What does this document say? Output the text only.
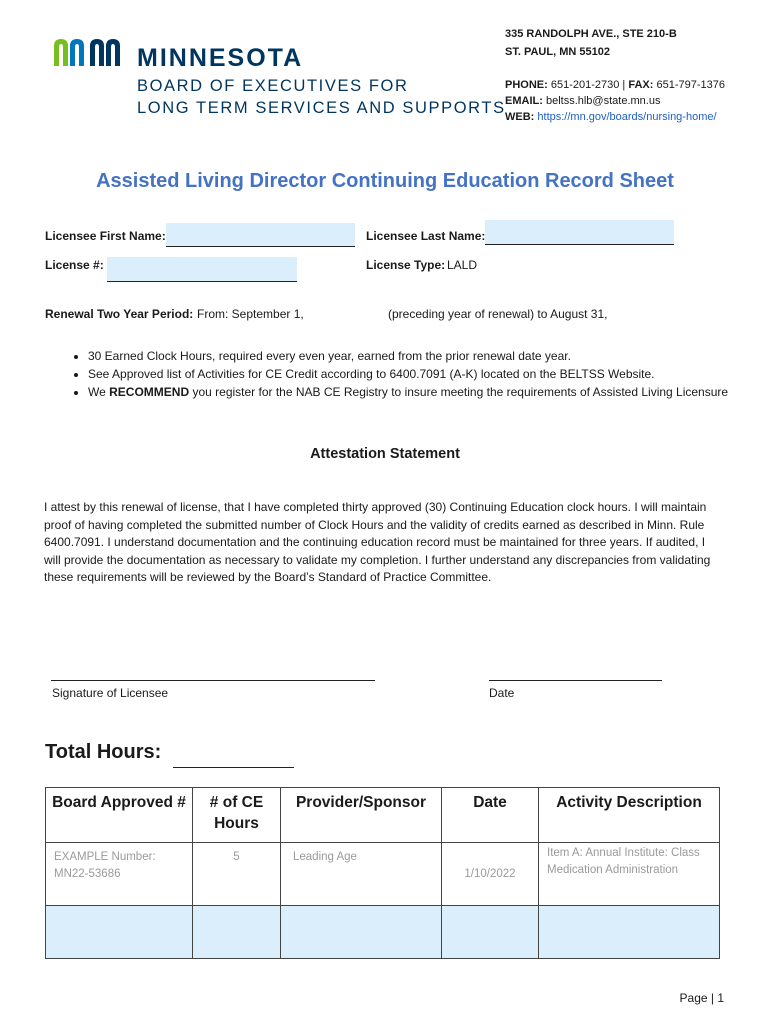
MINNESOTA
BOARD OF EXECUTIVES FOR
LONG TERM SERVICES AND SUPPORTS
335 RANDOLPH AVE., STE 210-B
ST. PAUL, MN 55102
PHONE: 651-201-2730 | FAX: 651-797-1376
EMAIL: beltss.hlb@state.mn.us
WEB: https://mn.gov/boards/nursing-home/
Assisted Living Director Continuing Education Record Sheet
Licensee First Name:	Licensee Last Name:
License #:	License Type: LALD
Renewal Two Year Period: From: September 1,	(preceding year of renewal) to August 31,
• 30 Earned Clock Hours, required every even year, earned from the prior renewal date year.
• See Approved list of Activities for CE Credit according to 6400.7091 (A-K) located on the BELTSS Website.
• We RECOMMEND you register for the NAB CE Registry to insure meeting the requirements of Assisted Living Licensure
Attestation Statement
I attest by this renewal of license, that I have completed thirty approved (30) Continuing Education clock hours. I will maintain proof of having completed the submitted number of Clock Hours and the validity of credits earned as described in Minn. Rule 6400.7091. I understand documentation and the continuing education record must be maintained for three years. If audited, I will provide the documentation as necessary to validate my completion. I further understand any discrepancies from validating these requirements will be reviewed by the Board’s Standard of Practice Committee.
Signature of Licensee	Date
Total Hours:
Board Approved #	# of CE Hours	Provider/Sponsor	Date	Activity Description
EXAMPLE Number: MN22-53686	5	Leading Age	1/10/2022	Item A: Annual Institute: Class Medication Administration

Page | 1
